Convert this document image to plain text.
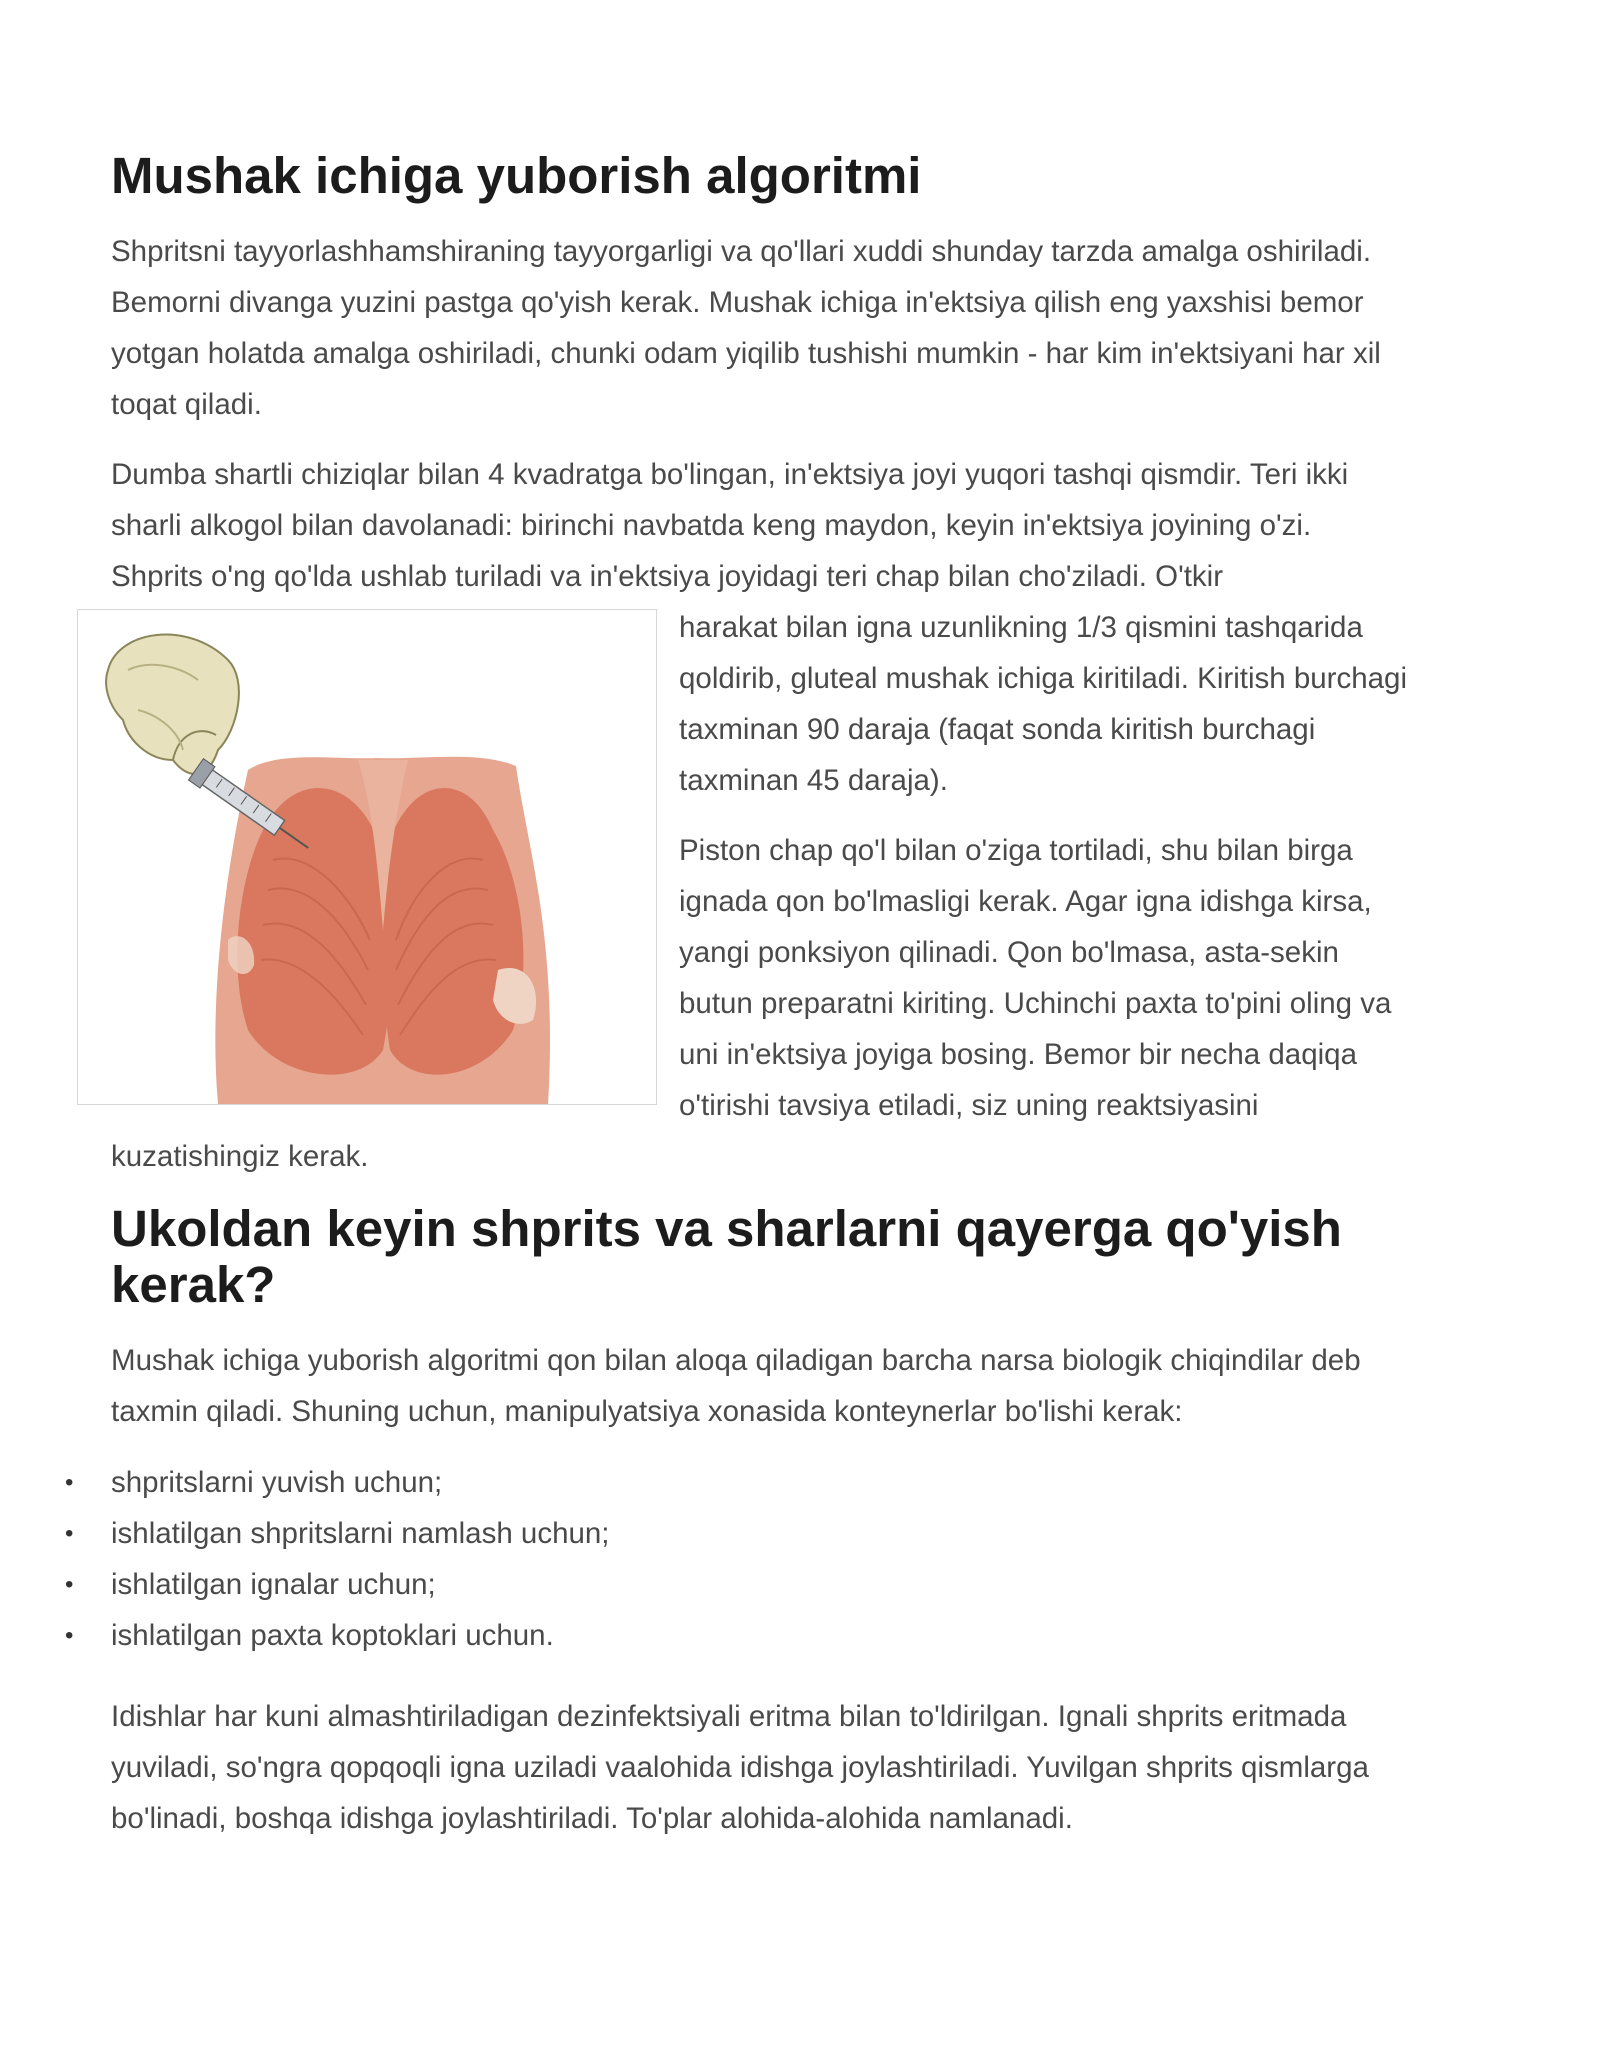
Mushak ichiga yuborish algoritmi

Shpritsni tayyorlashhamshiraning tayyorgarligi va qo'llari xuddi shunday tarzda amalga oshiriladi. Bemorni divanga yuzini pastga qo'yish kerak. Mushak ichiga in'ektsiya qilish eng yaxshisi bemor yotgan holatda amalga oshiriladi, chunki odam yiqilib tushishi mumkin - har kim in'ektsiyani har xil toqat qiladi.

Dumba shartli chiziqlar bilan 4 kvadratga bo'lingan, in'ektsiya joyi yuqori tashqi qismdir. Teri ikki sharli alkogol bilan davolanadi: birinchi navbatda keng maydon, keyin in'ektsiya joyining o'zi. Shprits o'ng qo'lda ushlab turiladi va in'ektsiya joyidagi teri chap bilan cho'ziladi. O'tkir

harakat bilan igna uzunlikning 1/3 qismini tashqarida qoldirib, gluteal mushak ichiga kiritiladi. Kiritish burchagi taxminan 90 daraja (faqat sonda kiritish burchagi taxminan 45 daraja).

Piston chap qo'l bilan o'ziga tortiladi, shu bilan birga ignada qon bo'lmasligi kerak. Agar igna idishga kirsa, yangi ponksiyon qilinadi. Qon bo'lmasa, asta-sekin butun preparatni kiriting. Uchinchi paxta to'pini oling va uni in'ektsiya joyiga bosing. Bemor bir necha daqiqa o'tirishi tavsiya etiladi, siz uning reaktsiyasini kuzatishingiz kerak.

Ukoldan keyin shprits va sharlarni qayerga qo'yish kerak?

Mushak ichiga yuborish algoritmi qon bilan aloqa qiladigan barcha narsa biologik chiqindilar deb taxmin qiladi. Shuning uchun, manipulyatsiya xonasida konteynerlar bo'lishi kerak:

• shpritslarni yuvish uchun;
• ishlatilgan shpritslarni namlash uchun;
• ishlatilgan ignalar uchun;
• ishlatilgan paxta koptoklari uchun.

Idishlar har kuni almashtiriladigan dezinfektsiyali eritma bilan to'ldirilgan. Ignali shprits eritmada yuviladi, so'ngra qopqoqli igna uziladi vaalohida idishga joylashtiriladi. Yuvilgan shprits qismlarga bo'linadi, boshqa idishga joylashtiriladi. To'plar alohida-alohida namlanadi.
